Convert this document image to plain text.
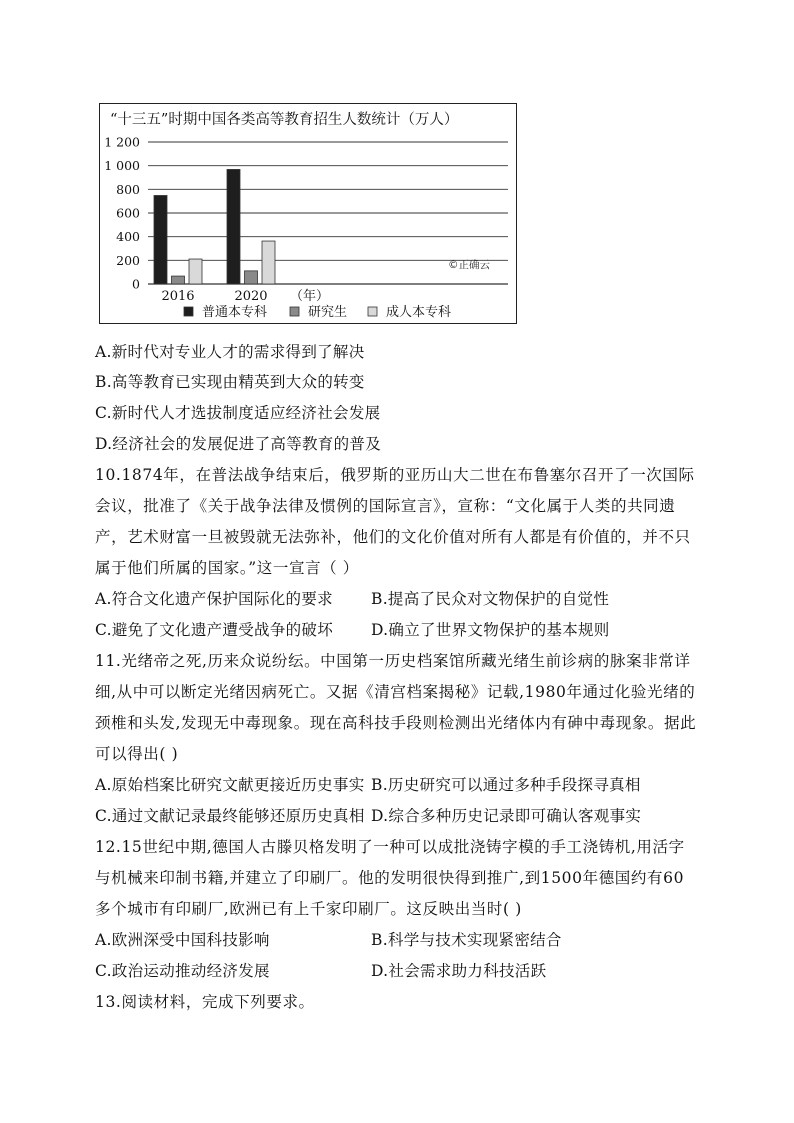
“十三五”时期中国各类高等教育招生人数统计（万人）
0
200
400
600
800
1 000
1 200
2016	2020 （年）
©正确云
普通本专科	研究生	成人本专科
A.新时代对专业人才的需求得到了解决
B.高等教育已实现由精英到大众的转变
C.新时代人才选拔制度适应经济社会发展
D.经济社会的发展促进了高等教育的普及
10.1874年，在普法战争结束后，俄罗斯的亚历山大二世在布鲁塞尔召开了一次国际
会议，批准了《关于战争法律及惯例的国际宣言》，宣称：“文化属于人类的共同遗
产，艺术财富一旦被毁就无法弥补，他们的文化价值对所有人都是有价值的，并不只
属于他们所属的国家。”这一宣言（ ）
A.符合文化遗产保护国际化的要求 B.提高了民众对文物保护的自觉性
C.避免了文化遗产遭受战争的破坏 D.确立了世界文物保护的基本规则
11.光绪帝之死,历来众说纷纭。中国第一历史档案馆所藏光绪生前诊病的脉案非常详
细,从中可以断定光绪因病死亡。又据《清宫档案揭秘》记载,1980年通过化验光绪的
颈椎和头发,发现无中毒现象。现在高科技手段则检测出光绪体内有砷中毒现象。据此
可以得出( )
A.原始档案比研究文献更接近历史事实 B.历史研究可以通过多种手段探寻真相
C.通过文献记录最终能够还原历史真相 D.综合多种历史记录即可确认客观事实
12.15世纪中期,德国人古滕贝格发明了一种可以成批浇铸字模的手工浇铸机,用活字
与机械来印制书籍,并建立了印刷厂。他的发明很快得到推广,到1500年德国约有60
多个城市有印刷厂,欧洲已有上千家印刷厂。这反映出当时( )
A.欧洲深受中国科技影响	B.科学与技术实现紧密结合
C.政治运动推动经济发展	D.社会需求助力科技活跃
13.阅读材料，完成下列要求。
